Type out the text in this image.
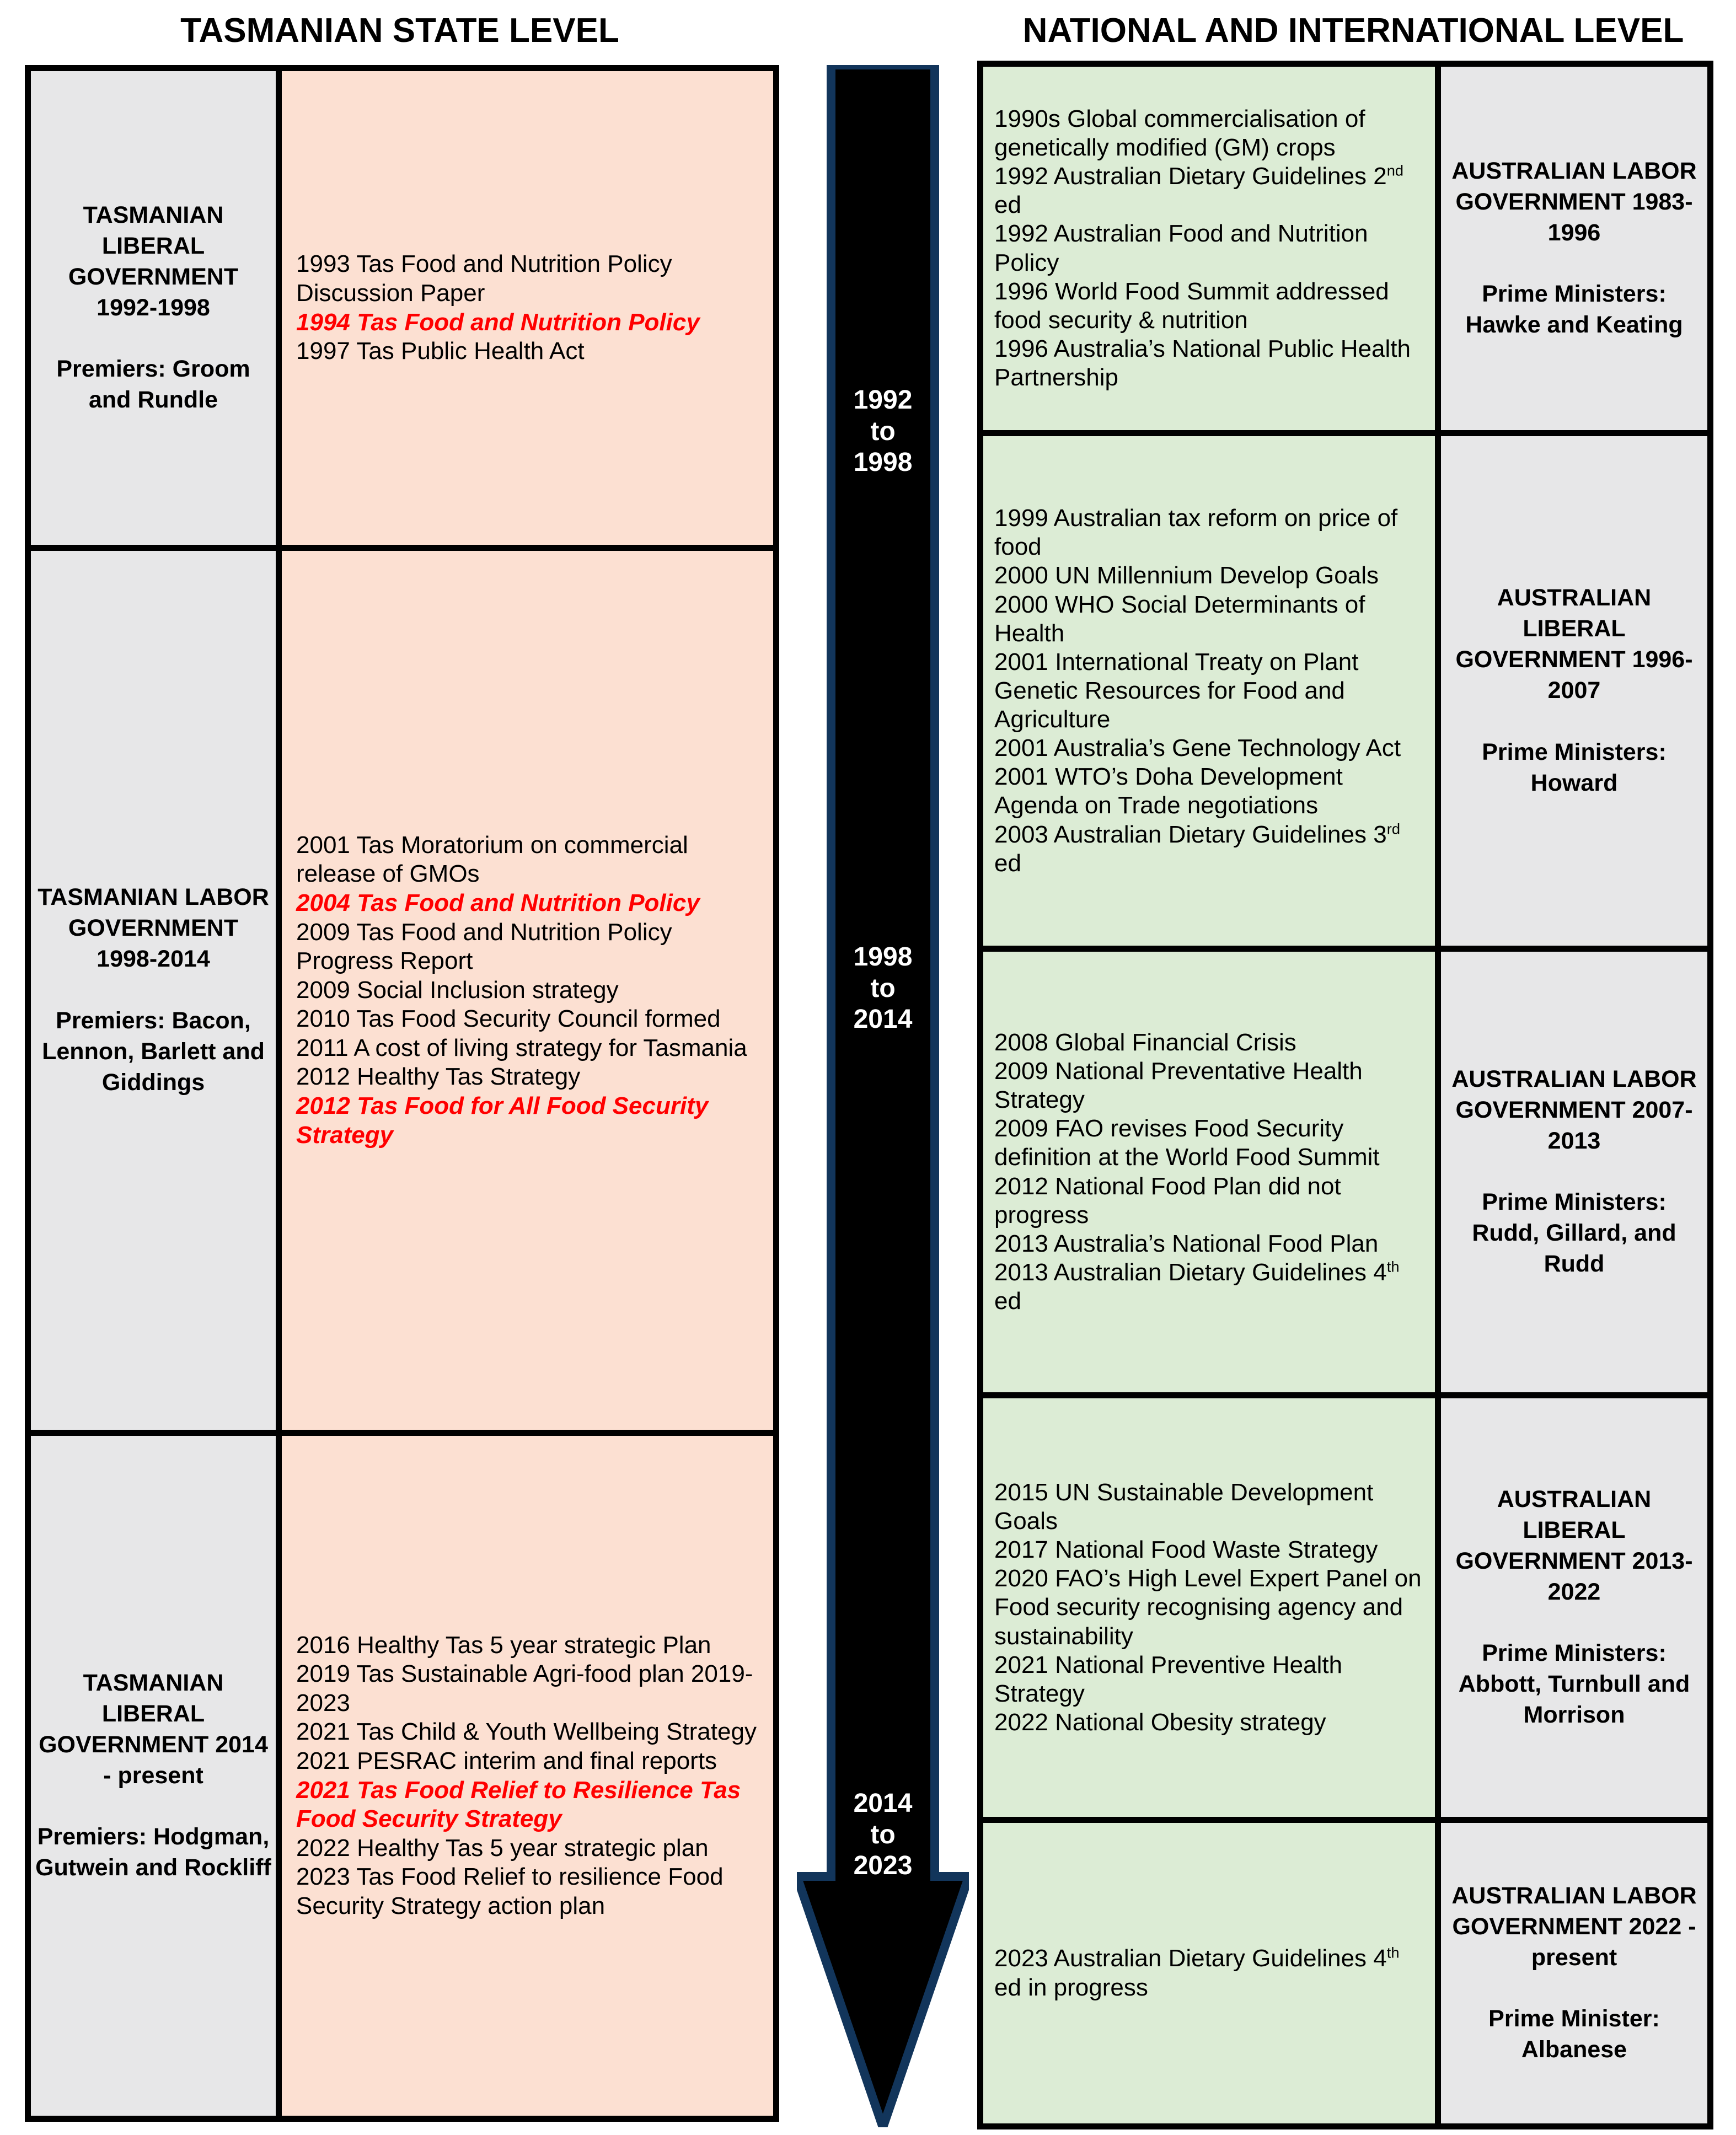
TASMANIAN STATE LEVEL	NATIONAL AND INTERNATIONAL LEVEL
TASMANIAN LIBERAL GOVERNMENT 1992-1998

Premiers: Groom and Rundle
1993 Tas Food and Nutrition Policy Discussion Paper
1994 Tas Food and Nutrition Policy
1997 Tas Public Health Act
TASMANIAN LABOR GOVERNMENT 1998-2014

Premiers: Bacon, Lennon, Barlett and Giddings
2001 Tas Moratorium on commercial release of GMOs
2004 Tas Food and Nutrition Policy
2009 Tas Food and Nutrition Policy Progress Report
2009 Social Inclusion strategy
2010 Tas Food Security Council formed
2011 A cost of living strategy for Tasmania
2012 Healthy Tas Strategy
2012 Tas Food for All Food Security Strategy
TASMANIAN LIBERAL GOVERNMENT 2014 - present

Premiers: Hodgman, Gutwein and Rockliff
2016 Healthy Tas 5 year strategic Plan
2019 Tas Sustainable Agri-food plan 2019-2023
2021 Tas Child & Youth Wellbeing Strategy
2021 PESRAC interim and final reports
2021 Tas Food Relief to Resilience Tas Food Security Strategy
2022 Healthy Tas 5 year strategic plan
2023 Tas Food Relief to resilience Food Security Strategy action plan
1992
to
1998
1998
to
2014
2014
to
2023
1990s Global commercialisation of genetically modified (GM) crops
1992 Australian Dietary Guidelines 2nd ed
1992 Australian Food and Nutrition Policy
1996 World Food Summit addressed food security & nutrition
1996 Australia’s National Public Health Partnership
AUSTRALIAN LABOR GOVERNMENT 1983-1996

Prime Ministers: Hawke and Keating
1999 Australian tax reform on price of food
2000 UN Millennium Develop Goals
2000 WHO Social Determinants of Health
2001 International Treaty on Plant Genetic Resources for Food and Agriculture
2001 Australia’s Gene Technology Act
2001 WTO’s Doha Development Agenda on Trade negotiations
2003 Australian Dietary Guidelines 3rd ed
AUSTRALIAN LIBERAL GOVERNMENT 1996-2007

Prime Ministers: Howard
2008 Global Financial Crisis
2009 National Preventative Health Strategy
2009 FAO revises Food Security definition at the World Food Summit
2012 National Food Plan did not progress
2013 Australia’s National Food Plan
2013 Australian Dietary Guidelines 4th ed
AUSTRALIAN LABOR GOVERNMENT 2007-2013

Prime Ministers: Rudd, Gillard, and Rudd
2015 UN Sustainable Development Goals
2017 National Food Waste Strategy
2020 FAO’s High Level Expert Panel on Food security recognising agency and sustainability
2021 National Preventive Health Strategy
2022 National Obesity strategy
AUSTRALIAN LIBERAL GOVERNMENT 2013-2022

Prime Ministers: Abbott, Turnbull and Morrison
2023 Australian Dietary Guidelines 4th ed in progress
AUSTRALIAN LABOR GOVERNMENT 2022 - present

Prime Minister: Albanese
